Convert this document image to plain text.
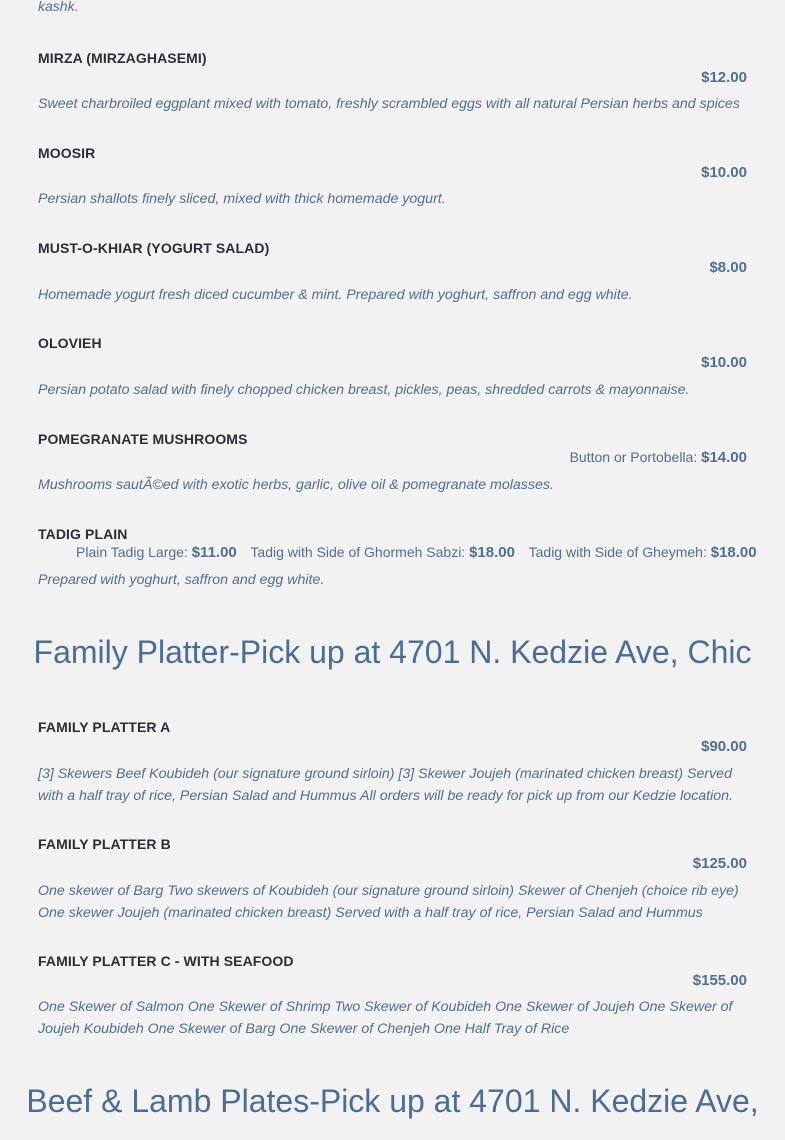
kashk.
MIRZA (MIRZAGHASEMI)
$12.00
Sweet charbroiled eggplant mixed with tomato, freshly scrambled eggs with all natural Persian herbs and spices
MOOSIR
$10.00
Persian shallots finely sliced, mixed with thick homemade yogurt.
MUST-O-KHIAR (YOGURT SALAD)
$8.00
Homemade yogurt fresh diced cucumber & mint. Prepared with yoghurt, saffron and egg white.
OLOVIEH
$10.00
Persian potato salad with finely chopped chicken breast, pickles, peas, shredded carrots & mayonnaise.
POMEGRANATE MUSHROOMS
Button or Portobella: $14.00
Mushrooms sautÃ©ed with exotic herbs, garlic, olive oil & pomegranate molasses.
TADIG PLAIN
Plain Tadig Large: $11.00 Tadig with Side of Ghormeh Sabzi: $18.00 Tadig with Side of Gheymeh: $18.00
Prepared with yoghurt, saffron and egg white.
Family Platter-Pick up at 4701 N. Kedzie Ave, Chic
FAMILY PLATTER A
$90.00
[3] Skewers Beef Koubideh (our signature ground sirloin) [3] Skewer Joujeh (marinated chicken breast) Served
with a half tray of rice, Persian Salad and Hummus All orders will be ready for pick up from our Kedzie location.
FAMILY PLATTER B
$125.00
One skewer of Barg Two skewers of Koubideh (our signature ground sirloin) Skewer of Chenjeh (choice rib eye)
One skewer Joujeh (marinated chicken breast) Served with a half tray of rice, Persian Salad and Hummus
FAMILY PLATTER C - WITH SEAFOOD
$155.00
One Skewer of Salmon One Skewer of Shrimp Two Skewer of Koubideh One Skewer of Joujeh One Skewer of
Joujeh Koubideh One Skewer of Barg One Skewer of Chenjeh One Half Tray of Rice
Beef & Lamb Plates-Pick up at 4701 N. Kedzie Ave,
